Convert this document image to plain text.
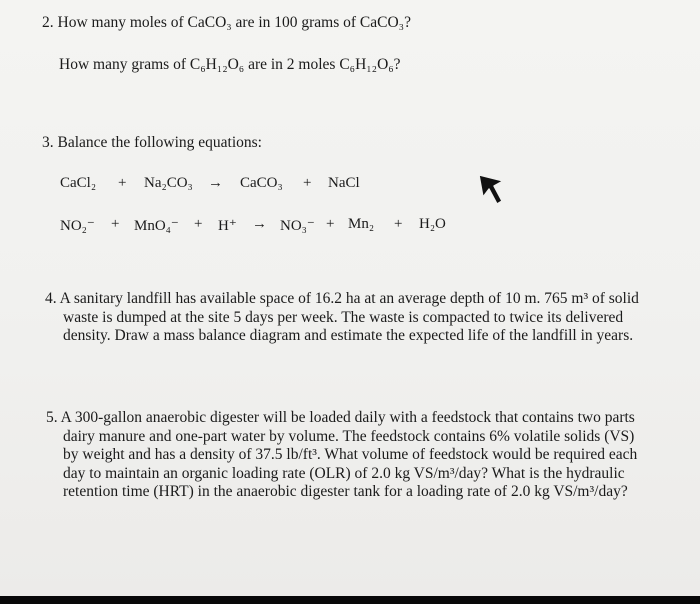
2. How many moles of CaCO₃ are in 100 grams of CaCO₃?
How many grams of C₆H₁₂O₆ are in 2 moles C₆H₁₂O₆?
3. Balance the following equations:
CaCl₂ + Na₂CO₃ → CaCO₃ + NaCl
NO₂⁻ + MnO₄⁻ + H⁺ → NO₃⁻ + Mn₂ + H₂O
4. A sanitary landfill has available space of 16.2 ha at an average depth of 10 m. 765 m³ of solid
waste is dumped at the site 5 days per week. The waste is compacted to twice its delivered
density. Draw a mass balance diagram and estimate the expected life of the landfill in years.
5. A 300-gallon anaerobic digester will be loaded daily with a feedstock that contains two parts
dairy manure and one-part water by volume. The feedstock contains 6% volatile solids (VS)
by weight and has a density of 37.5 lb/ft³. What volume of feedstock would be required each
day to maintain an organic loading rate (OLR) of 2.0 kg VS/m³/day? What is the hydraulic
retention time (HRT) in the anaerobic digester tank for a loading rate of 2.0 kg VS/m³/day?
